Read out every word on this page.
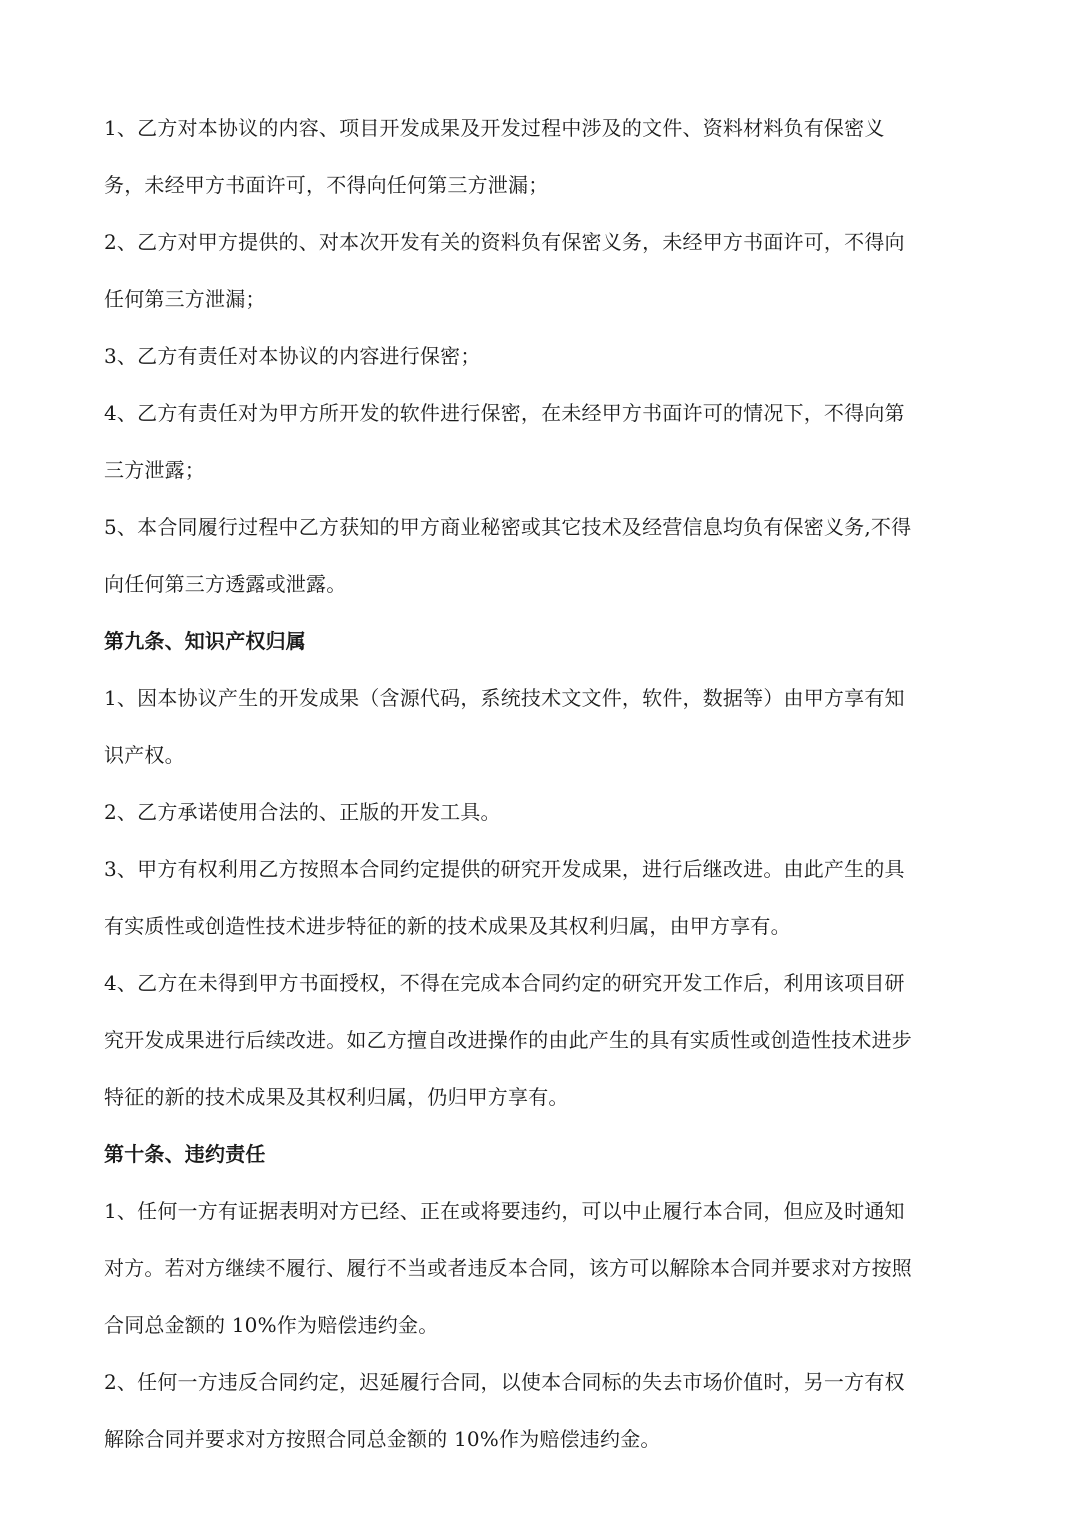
1、乙方对本协议的内容、项目开发成果及开发过程中涉及的文件、资料材料负有保密义
务，未经甲方书面许可，不得向任何第三方泄漏；
2、乙方对甲方提供的、对本次开发有关的资料负有保密义务，未经甲方书面许可，不得向
任何第三方泄漏；
3、乙方有责任对本协议的内容进行保密；
4、乙方有责任对为甲方所开发的软件进行保密，在未经甲方书面许可的情况下，不得向第
三方泄露；
5、本合同履行过程中乙方获知的甲方商业秘密或其它技术及经营信息均负有保密义务,不得
向任何第三方透露或泄露。
第九条、知识产权归属
1、因本协议产生的开发成果（含源代码，系统技术文文件，软件，数据等）由甲方享有知
识产权。
2、乙方承诺使用合法的、正版的开发工具。
3、甲方有权利用乙方按照本合同约定提供的研究开发成果，进行后继改进。由此产生的具
有实质性或创造性技术进步特征的新的技术成果及其权利归属，由甲方享有。
4、乙方在未得到甲方书面授权，不得在完成本合同约定的研究开发工作后，利用该项目研
究开发成果进行后续改进。如乙方擅自改进操作的由此产生的具有实质性或创造性技术进步
特征的新的技术成果及其权利归属，仍归甲方享有。
第十条、违约责任
1、任何一方有证据表明对方已经、正在或将要违约，可以中止履行本合同，但应及时通知
对方。若对方继续不履行、履行不当或者违反本合同，该方可以解除本合同并要求对方按照
合同总金额的 10%作为赔偿违约金。
2、任何一方违反合同约定，迟延履行合同，以使本合同标的失去市场价值时，另一方有权
解除合同并要求对方按照合同总金额的 10%作为赔偿违约金。
